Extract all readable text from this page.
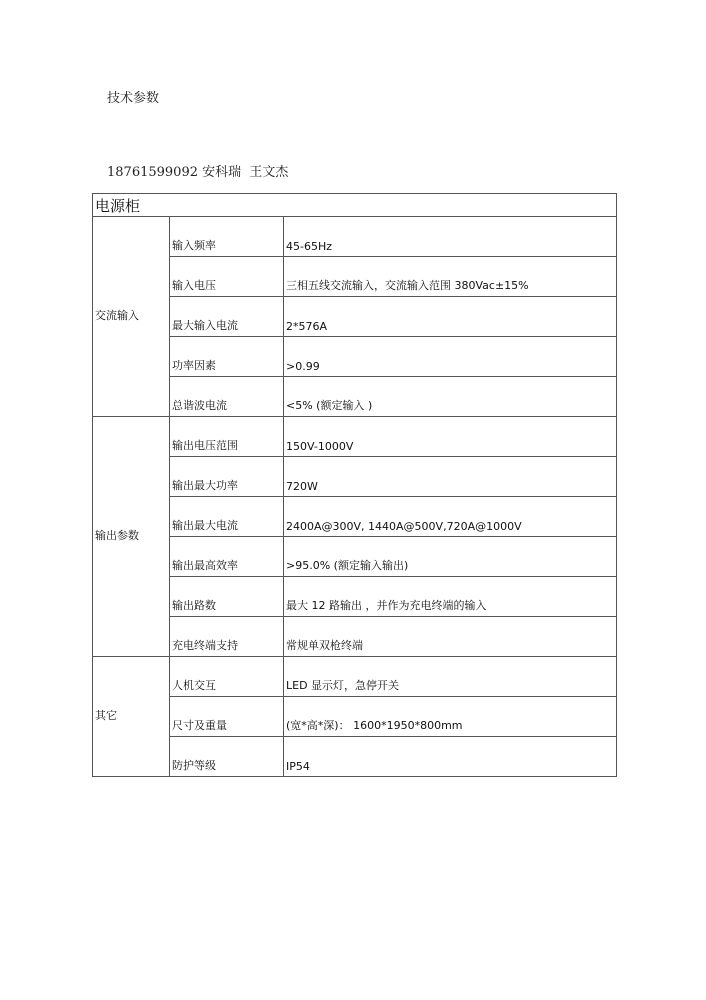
技术参数
18761599092 安科瑞  王文杰
电源柜		
交流输入	输入频率	45-65Hz
	输入电压	三相五线交流输入，交流输入范围 380Vac±15%
	最大输入电流	2*576A
	功率因素	>0.99
	总谐波电流	<5% (额定输入 )
输出参数	输出电压范围	150V-1000V
	输出最大功率	720W
	输出最大电流	2400A@300V, 1440A@500V,720A@1000V
	输出最高效率	>95.0% (额定输入输出)
	输出路数	最大 12 路输出 ，并作为充电终端的输入
	充电终端支持	常规单双枪终端
其它	人机交互	LED 显示灯，急停开关
	尺寸及重量	(宽*高*深)： 1600*1950*800mm
	防护等级	IP54
